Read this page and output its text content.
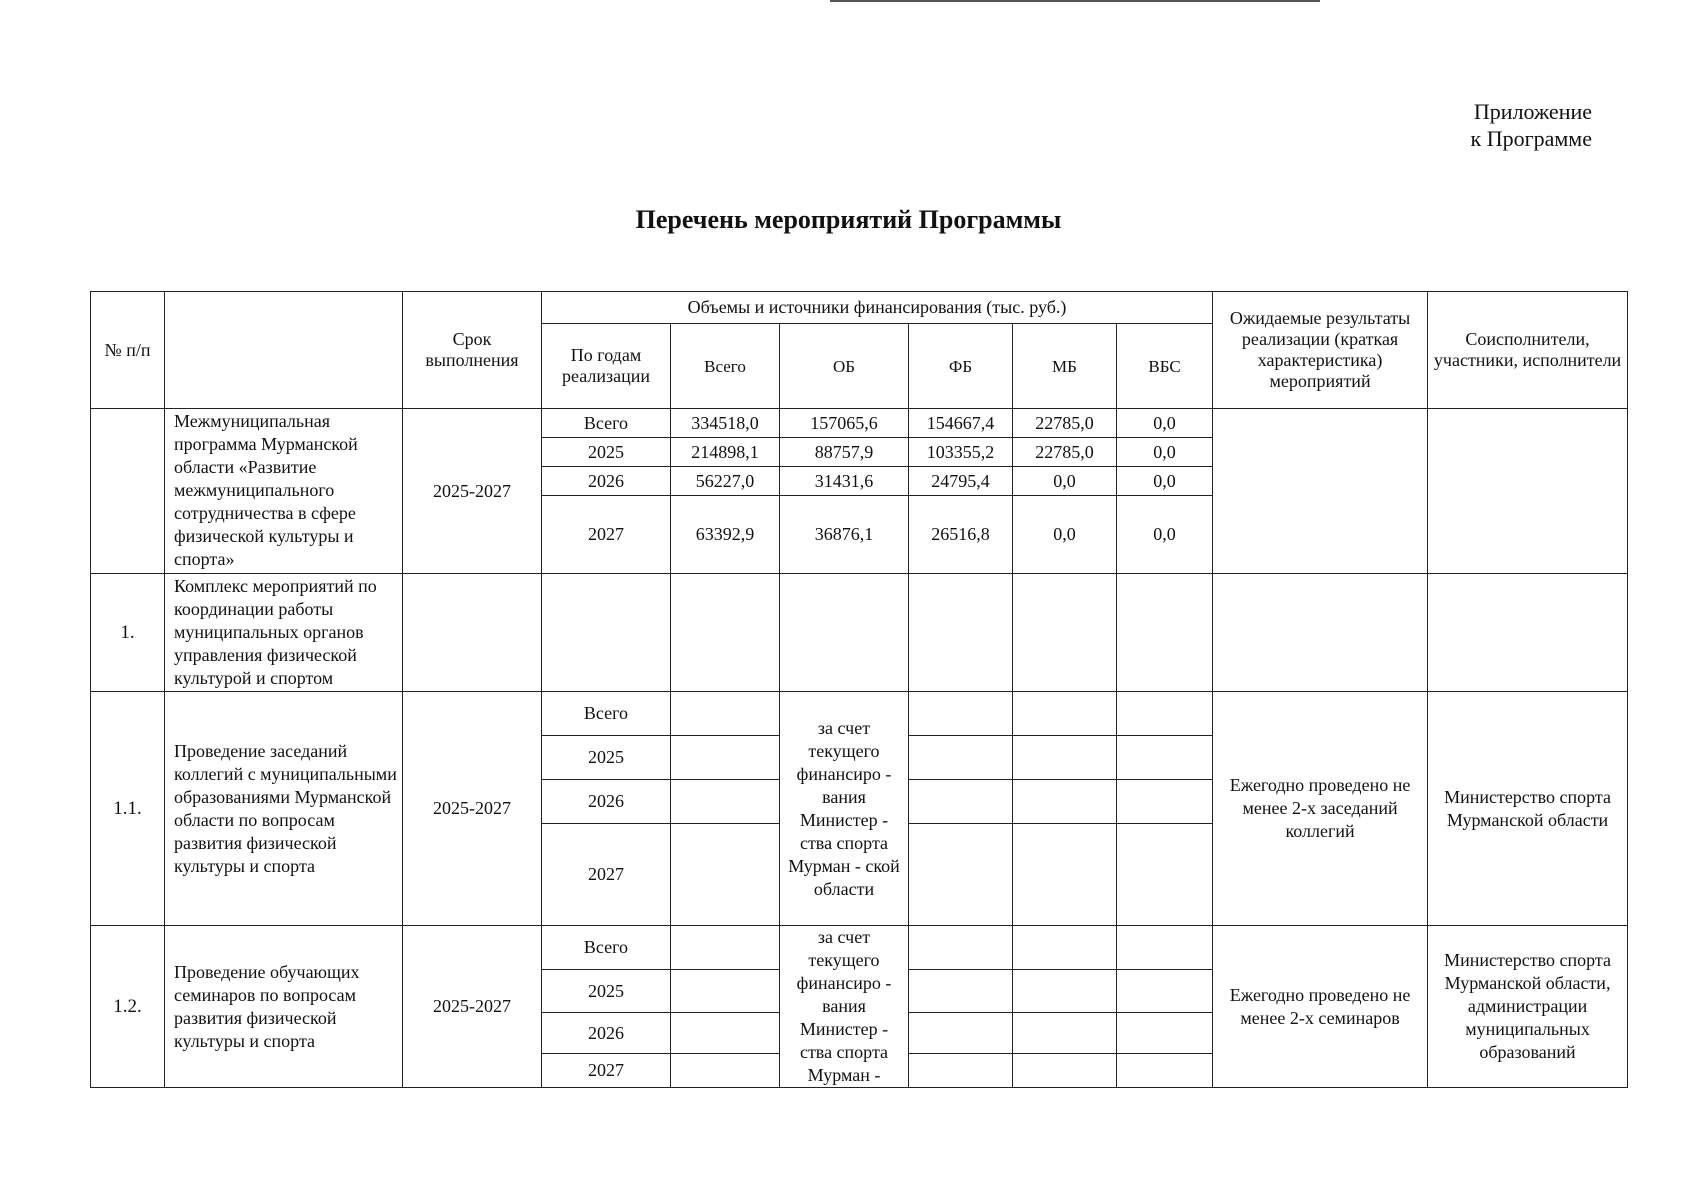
Приложение
к Программе
Перечень мероприятий Программы
№ п/п		Срок выполнения	Объемы и источники финансирования (тыс. руб.)						Ожидаемые результаты реализации (краткая характеристика) мероприятий	Соисполнители, участники, исполнители
			По годам реализации	Всего	ОБ	ФБ	МБ	ВБС		
	Межмуниципальная программа Мурманской области «Развитие межмуниципального сотрудничества в сфере физической культуры и спорта»	2025-2027	Всего	334518,0	157065,6	154667,4	22785,0	0,0		
			2025	214898,1	88757,9	103355,2	22785,0	0,0		
			2026	56227,0	31431,6	24795,4	0,0	0,0		
			2027	63392,9	36876,1	26516,8	0,0	0,0		
1.	Комплекс мероприятий по координации работы муниципальных органов управления физической культурой и спортом									
1.1.	Проведение заседаний коллегий с муниципальными образованиями Мурманской области по вопросам развития физической культуры и спорта	2025-2027	Всего		за счет текущего финансиро - вания Министер - ства спорта Мурман - ской области				Ежегодно проведено не менее 2-х заседаний коллегий	Министерство спорта Мурманской области
			2025							
			2026							
			2027							
1.2.	Проведение обучающих семинаров по вопросам развития физической культуры и спорта	2025-2027	Всего		за счет текущего финансиро - вания Министер - ства спорта Мурман -				Ежегодно проведено не менее 2-х семинаров	Министерство спорта Мурманской области, администрации муниципальных образований
			2025							
			2026							
			2027							
